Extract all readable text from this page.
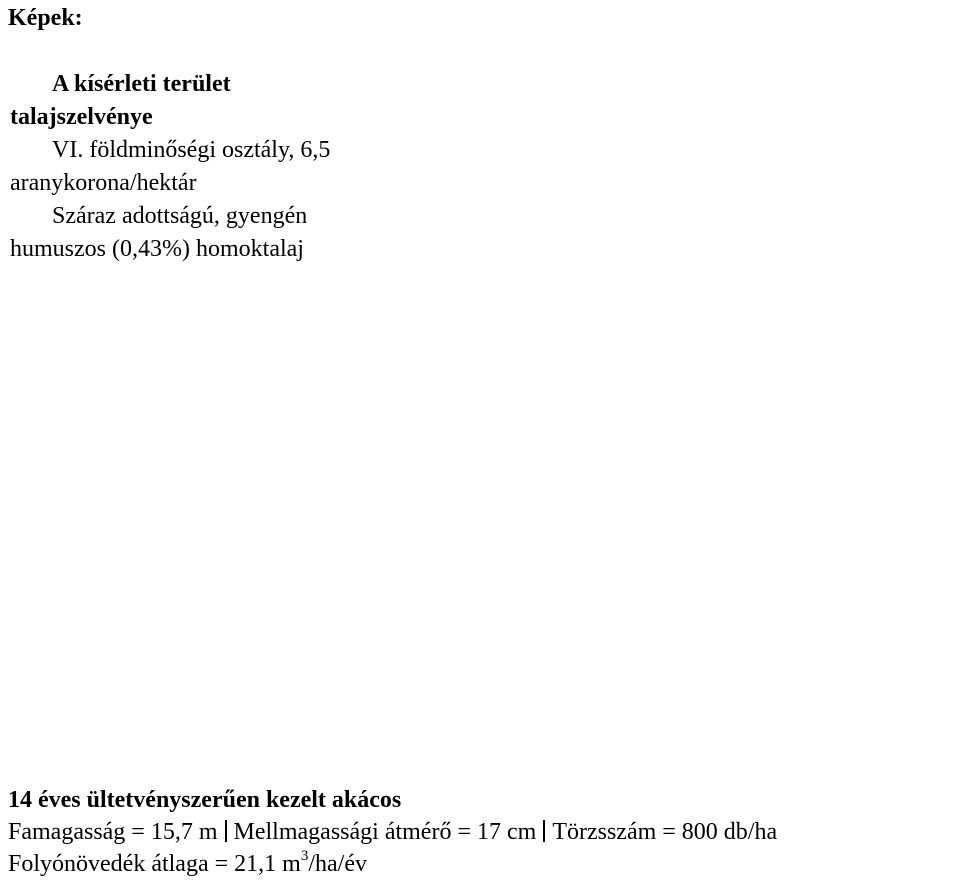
Képek:
A kísérleti terület
talajszelvénye
VI. földminőségi osztály, 6,5
aranykorona/hektár
Száraz adottságú, gyengén
humuszos (0,43%) homoktalaj
14 éves ültetvényszerűen kezelt akácos
Famagasság = 15,7 m Mellmagassági átmérő = 17 cm Törzsszám = 800 db/ha
Folyónövedék átlaga = 21,1 $m^3/ha/év$
